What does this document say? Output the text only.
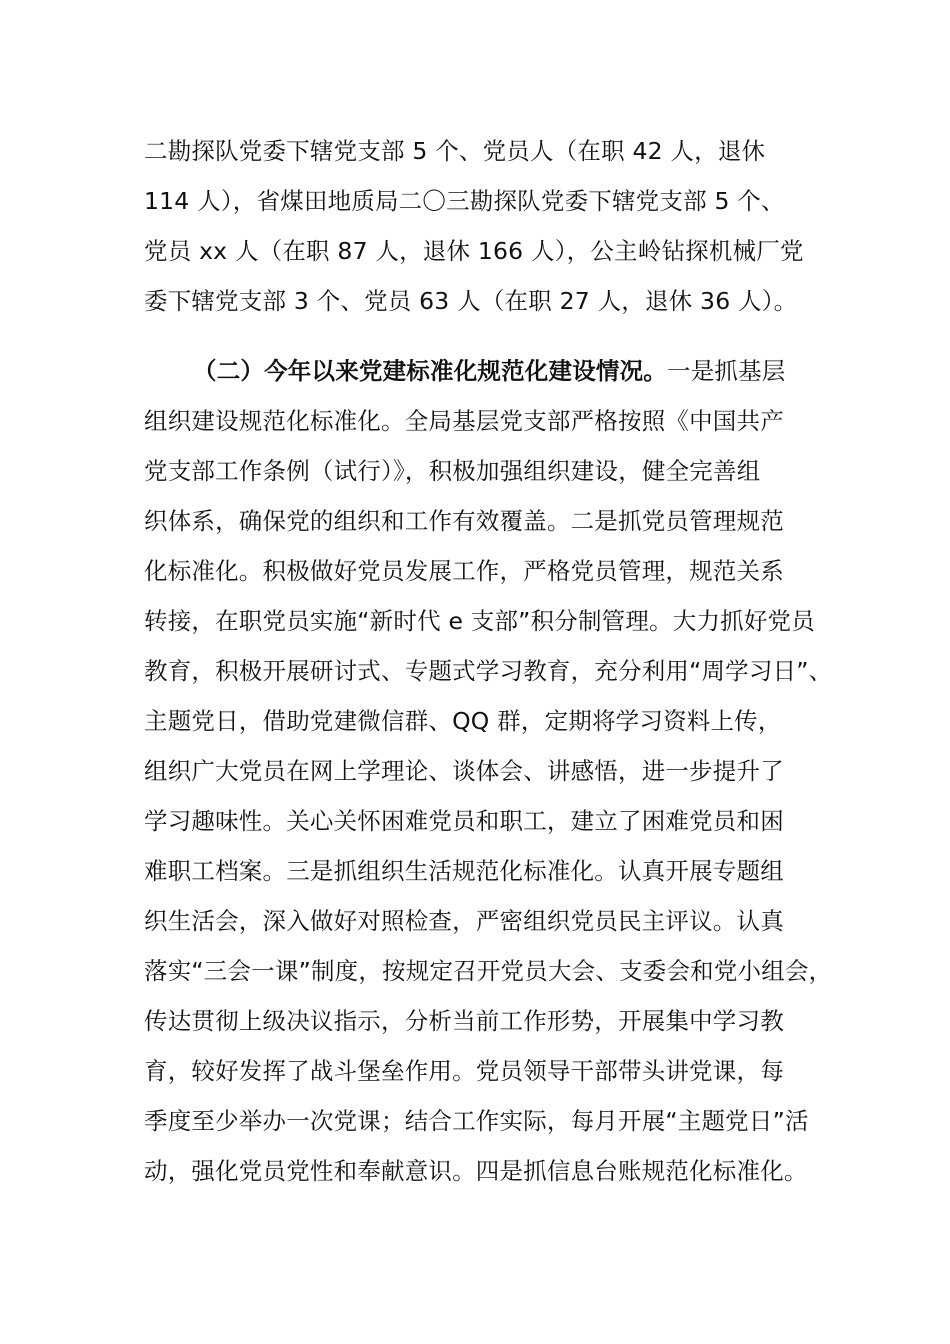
二勘探队党委下辖党支部 5 个、党员人（在职 42 人，退休
114 人），省煤田地质局二〇三勘探队党委下辖党支部 5 个、
党员 xx 人（在职 87 人，退休 166 人），公主岭钻探机械厂党
委下辖党支部 3 个、党员 63 人（在职 27 人，退休 36 人）。
（二）今年以来党建标准化规范化建设情况。一是抓基层
组织建设规范化标准化。全局基层党支部严格按照《中国共产
党支部工作条例（试行）》，积极加强组织建设，健全完善组
织体系，确保党的组织和工作有效覆盖。二是抓党员管理规范
化标准化。积极做好党员发展工作，严格党员管理，规范关系
转接，在职党员实施“新时代 e 支部”积分制管理。大力抓好党员
教育，积极开展研讨式、专题式学习教育，充分利用“周学习日”、
主题党日，借助党建微信群、QQ 群，定期将学习资料上传，
组织广大党员在网上学理论、谈体会、讲感悟，进一步提升了
学习趣味性。关心关怀困难党员和职工，建立了困难党员和困
难职工档案。三是抓组织生活规范化标准化。认真开展专题组
织生活会，深入做好对照检查，严密组织党员民主评议。认真
落实“三会一课”制度，按规定召开党员大会、支委会和党小组会，
传达贯彻上级决议指示，分析当前工作形势，开展集中学习教
育，较好发挥了战斗堡垒作用。党员领导干部带头讲党课，每
季度至少举办一次党课；结合工作实际，每月开展“主题党日”活
动，强化党员党性和奉献意识。四是抓信息台账规范化标准化。
